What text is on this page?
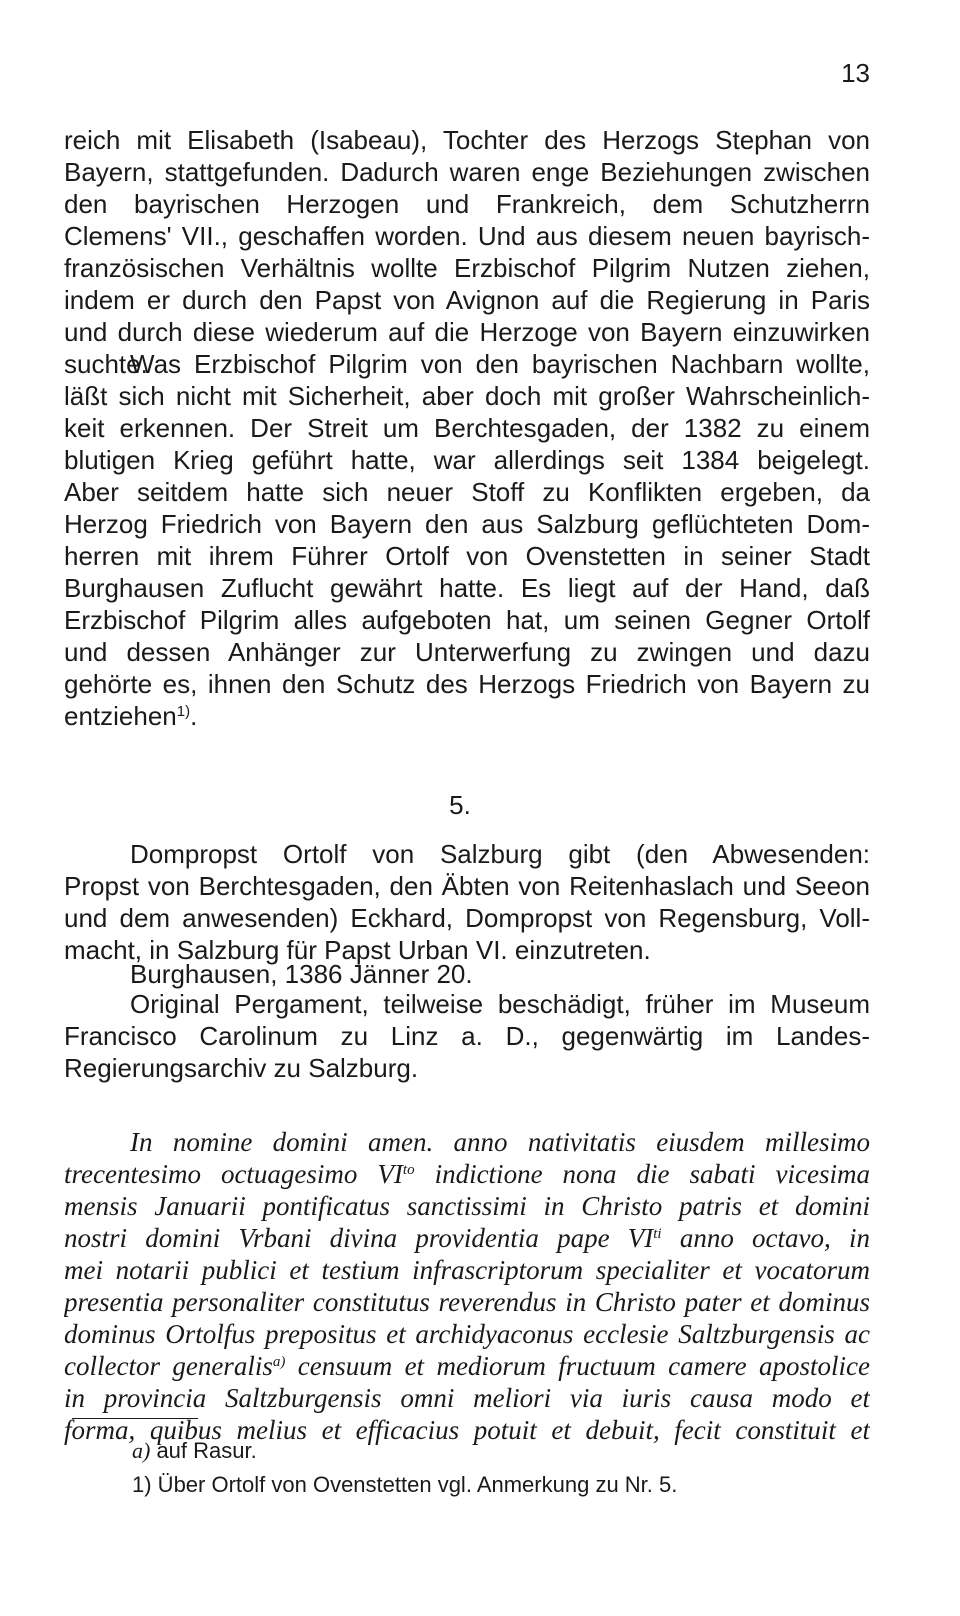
13
reich mit Elisabeth (Isabeau), Tochter des Herzogs Stephan von
Bayern, stattgefunden. Dadurch waren enge Beziehungen zwischen
den bayrischen Herzogen und Frankreich, dem Schutzherrn
Clemens' VII., geschaffen worden. Und aus diesem neuen bayrisch-
französischen Verhältnis wollte Erzbischof Pilgrim Nutzen ziehen,
indem er durch den Papst von Avignon auf die Regierung in Paris
und durch diese wiederum auf die Herzoge von Bayern einzuwirken
suchte.
Was Erzbischof Pilgrim von den bayrischen Nachbarn wollte,
läßt sich nicht mit Sicherheit, aber doch mit großer Wahrscheinlich-
keit erkennen. Der Streit um Berchtesgaden, der 1382 zu einem
blutigen Krieg geführt hatte, war allerdings seit 1384 beigelegt.
Aber seitdem hatte sich neuer Stoff zu Konflikten ergeben, da
Herzog Friedrich von Bayern den aus Salzburg geflüchteten Dom-
herren mit ihrem Führer Ortolf von Ovenstetten in seiner Stadt
Burghausen Zuflucht gewährt hatte. Es liegt auf der Hand, daß
Erzbischof Pilgrim alles aufgeboten hat, um seinen Gegner Ortolf
und dessen Anhänger zur Unterwerfung zu zwingen und dazu
gehörte es, ihnen den Schutz des Herzogs Friedrich von Bayern zu
entziehen$^{1)}$.
5.
Dompropst Ortolf von Salzburg gibt (den Abwesenden:
Propst von Berchtesgaden, den Äbten von Reitenhaslach und Seeon
und dem anwesenden) Eckhard, Dompropst von Regensburg, Voll-
macht, in Salzburg für Papst Urban VI. einzutreten.
Burghausen, 1386 Jänner 20.
Original Pergament, teilweise beschädigt, früher im Museum
Francisco Carolinum zu Linz a. D., gegenwärtig im Landes-
Regierungsarchiv zu Salzburg.
In nomine domini amen. anno nativitatis eiusdem millesimo
trecentesimo octuagesimo $VI^{to}$ indictione nona die sabati vicesima
mensis Januarii pontificatus sanctissimi in Christo patris et domini
nostri domini Vrbani divina providentia pape $VI^{ti}$ anno octavo, in
mei notarii publici et testium infrascriptorum specialiter et vocatorum
presentia personaliter constitutus reverendus in Christo pater et dominus
dominus Ortolfus prepositus et archidyaconus ecclesie Saltzburgensis ac
collector generalis$^{a)}$ censuum et mediorum fructuum camere apostolice
in provincia Saltzburgensis omni meliori via iuris causa modo et
forma, quibus melius et efficacius potuit et debuit, fecit constituit et
a) auf Rasur.
1) Über Ortolf von Ovenstetten vgl. Anmerkung zu Nr. 5.
